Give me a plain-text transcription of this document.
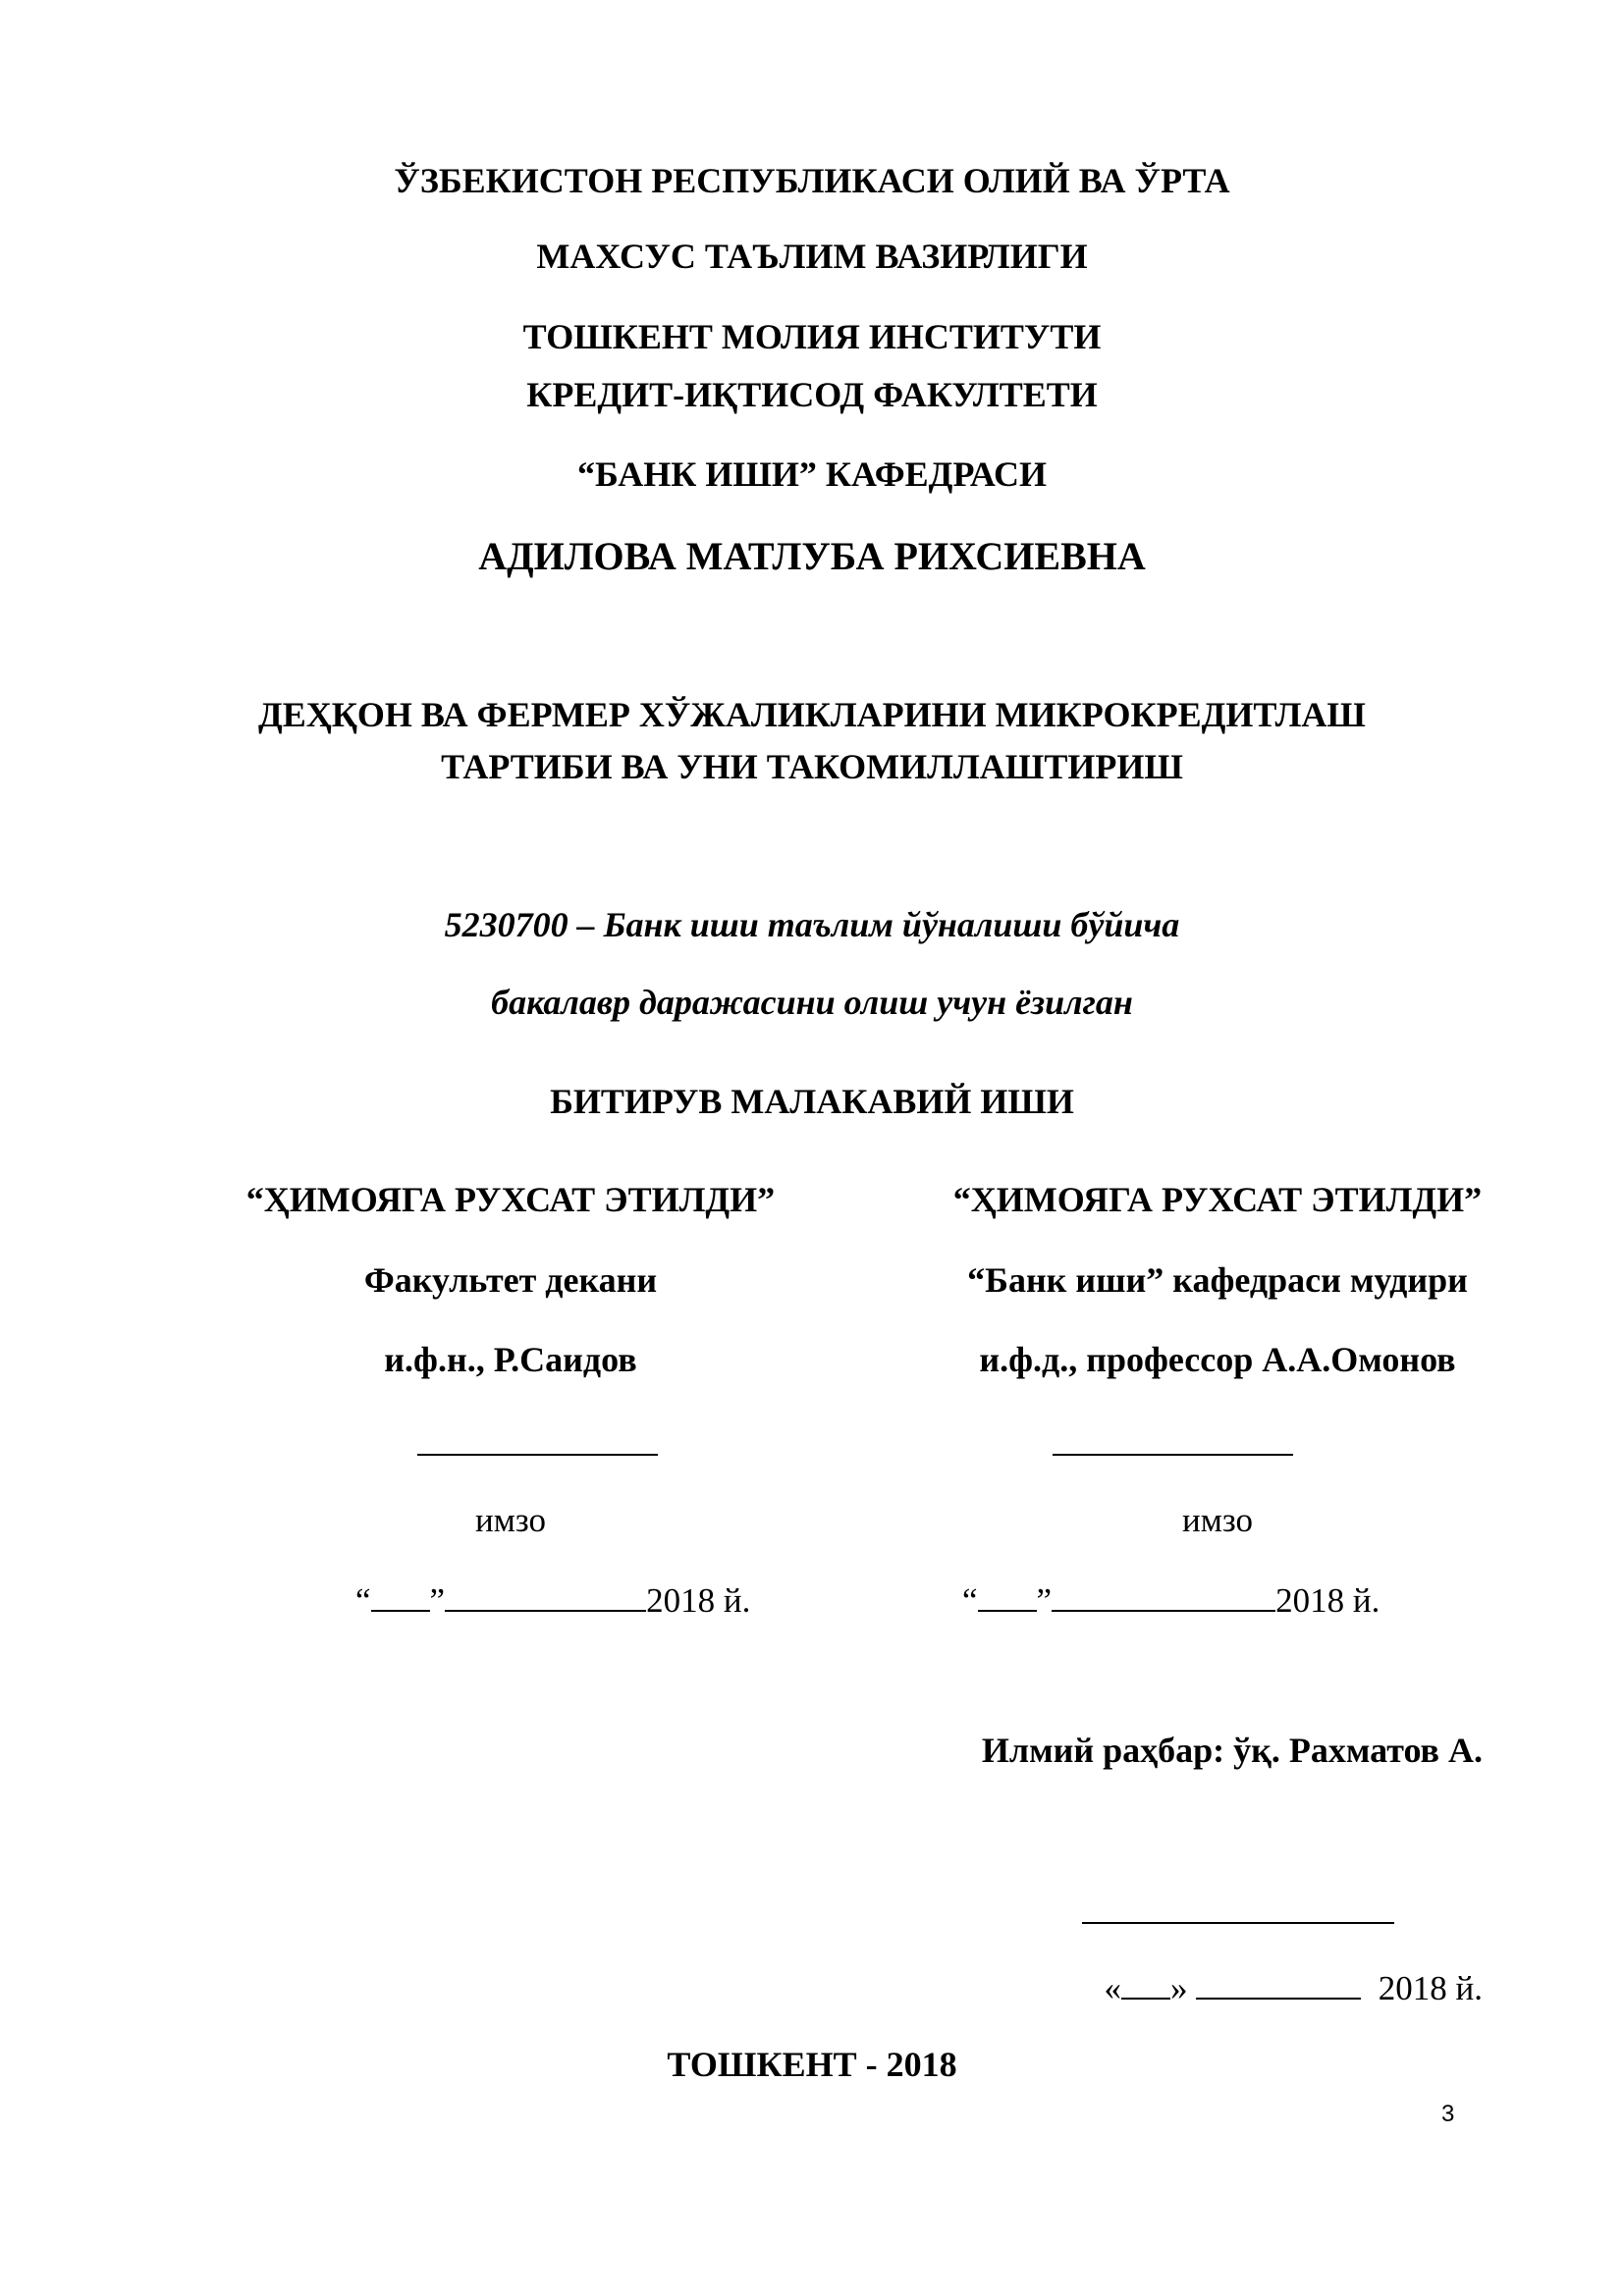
ЎЗБЕКИСТОН РЕСПУБЛИКАСИ ОЛИЙ ВА ЎРТА
МАХСУС ТАЪЛИМ ВАЗИРЛИГИ
ТОШКЕНТ МОЛИЯ ИНСТИТУТИ
КРЕДИТ-ИҚТИСОД ФАКУЛТЕТИ
“БАНК ИШИ” КАФЕДРАСИ
АДИЛОВА МАТЛУБА РИХСИЕВНА
ДЕҲҚОН ВА ФЕРМЕР ХЎЖАЛИКЛАРИНИ МИКРОКРЕДИТЛАШ
ТАРТИБИ ВА УНИ ТАКОМИЛЛАШТИРИШ
5230700 – Банк иши таълим йўналиши бўйича
бакалавр даражасини олиш учун ёзилган
БИТИРУВ МАЛАКАВИЙ ИШИ
“ҲИМОЯГА РУХСАТ ЭТИЛДИ”
Факультет декани
и.ф.н., Р.Саидов
имзо
“ ”	2018 й.
“ҲИМОЯГА РУХСАТ ЭТИЛДИ”
“Банк иши” кафедраси мудири
и.ф.д., профессор А.А.Омонов
имзо
“ ”	2018 й.
Илмий раҳбар: ўқ. Рахматов А.
« »	2018 й.
ТОШКЕНТ - 2018
3
